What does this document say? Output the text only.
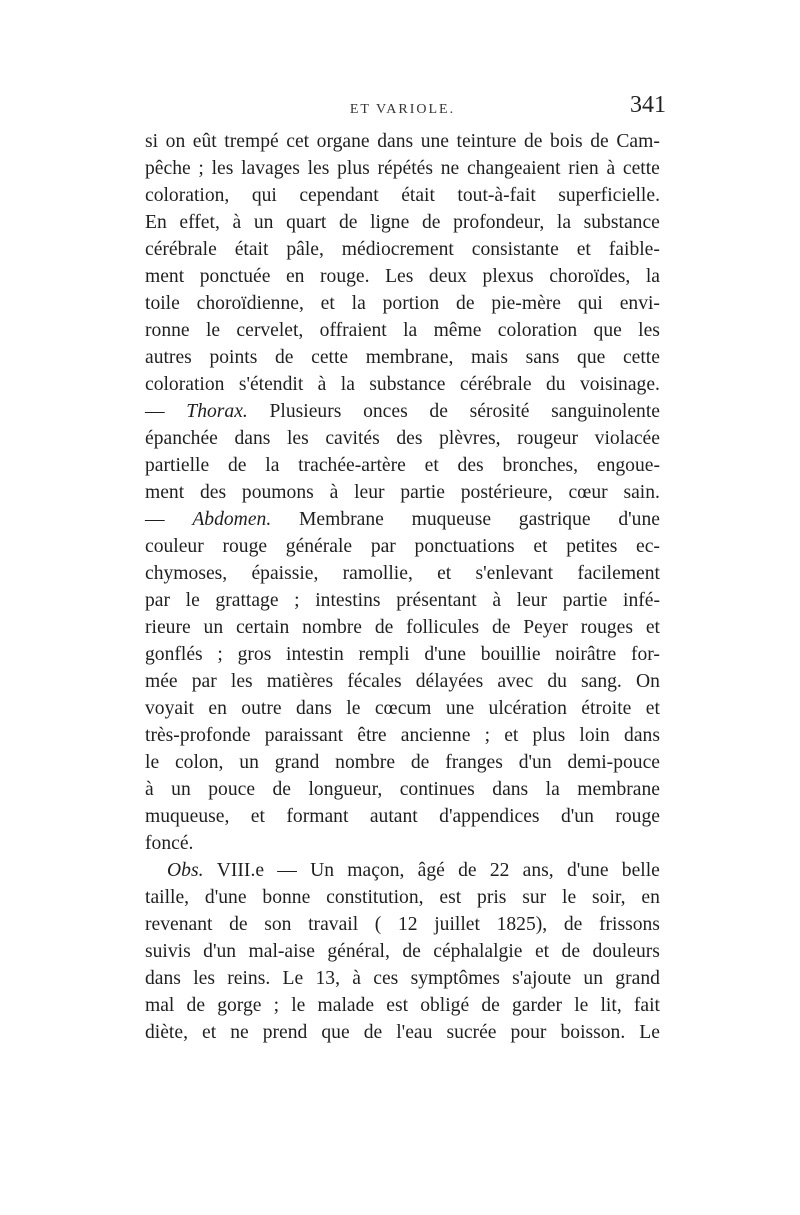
ET VARIOLE.	341
si on eût trempé cet organe dans une teinture de bois de Cam-
pêche ; les lavages les plus répétés ne changeaient rien à cette
coloration, qui cependant était tout-à-fait superficielle.
En effet, à un quart de ligne de profondeur, la substance
cérébrale était pâle, médiocrement consistante et faible-
ment ponctuée en rouge. Les deux plexus choroïdes, la
toile choroïdienne, et la portion de pie-mère qui envi-
ronne le cervelet, offraient la même coloration que les
autres points de cette membrane, mais sans que cette
coloration s'étendit à la substance cérébrale du voisinage.
— Thorax. Plusieurs onces de sérosité sanguinolente
épanchée dans les cavités des plèvres, rougeur violacée
partielle de la trachée-artère et des bronches, engoue-
ment des poumons à leur partie postérieure, cœur sain.
— Abdomen. Membrane muqueuse gastrique d'une
couleur rouge générale par ponctuations et petites ec-
chymoses, épaissie, ramollie, et s'enlevant facilement
par le grattage ; intestins présentant à leur partie infé-
rieure un certain nombre de follicules de Peyer rouges et
gonflés ; gros intestin rempli d'une bouillie noirâtre for-
mée par les matières fécales délayées avec du sang. On
voyait en outre dans le cœcum une ulcération étroite et
très-profonde paraissant être ancienne ; et plus loin dans
le colon, un grand nombre de franges d'un demi-pouce
à un pouce de longueur, continues dans la membrane
muqueuse, et formant autant d'appendices d'un rouge
foncé.
Obs. VIII.e — Un maçon, âgé de 22 ans, d'une belle
taille, d'une bonne constitution, est pris sur le soir, en
revenant de son travail ( 12 juillet 1825), de frissons
suivis d'un mal-aise général, de céphalalgie et de douleurs
dans les reins. Le 13, à ces symptômes s'ajoute un grand
mal de gorge ; le malade est obligé de garder le lit, fait
diète, et ne prend que de l'eau sucrée pour boisson. Le
